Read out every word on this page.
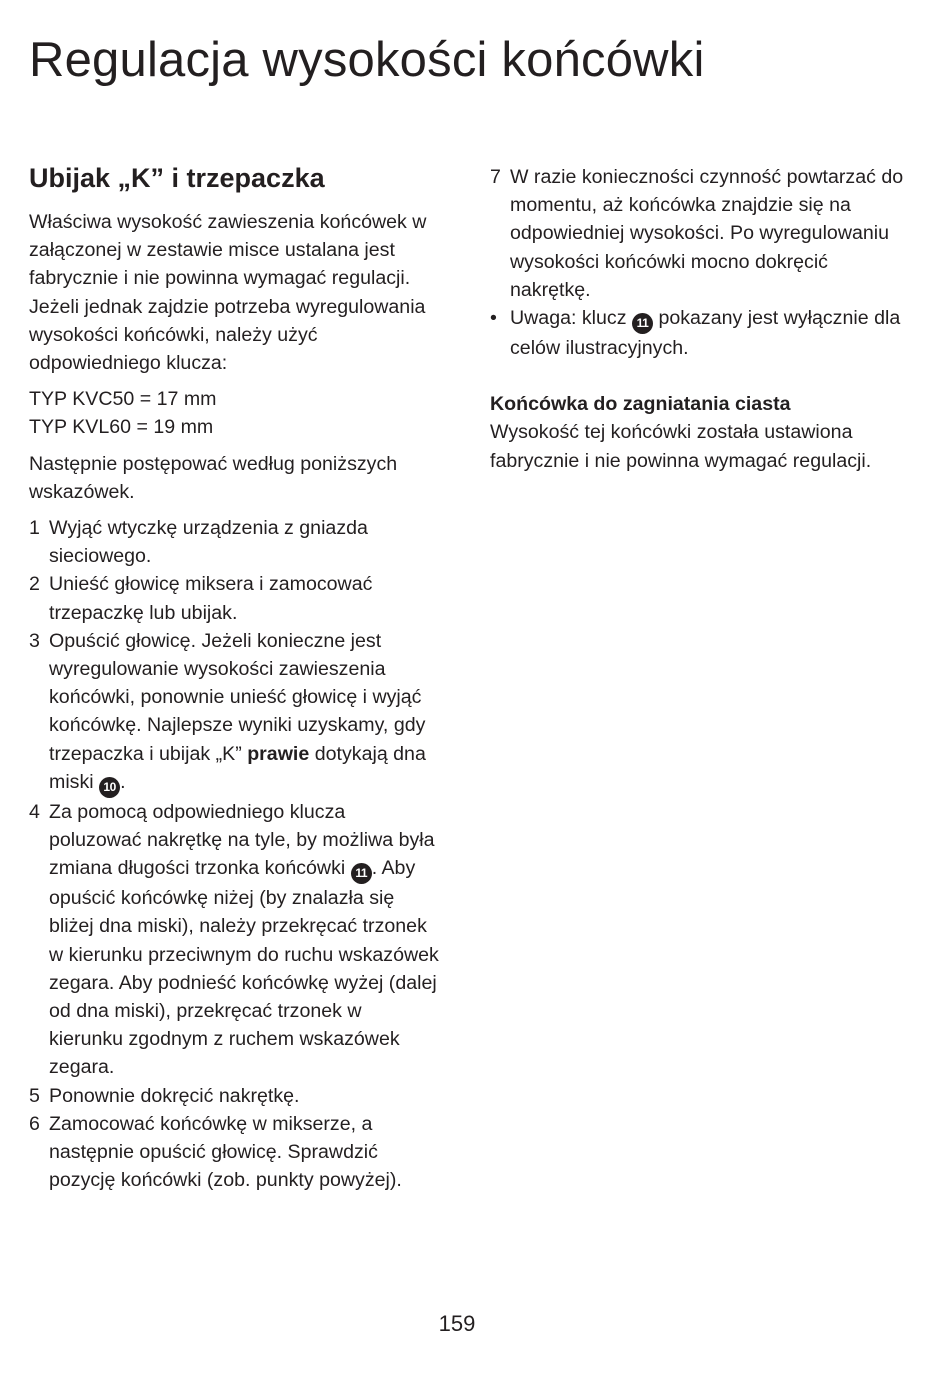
Regulacja wysokości końcówki
Ubijak „K” i trzepaczka

Właściwa wysokość zawieszenia końcówek w załączonej w zestawie misce ustalana jest fabrycznie i nie powinna wymagać regulacji.

Jeżeli jednak zajdzie potrzeba wyregulowania wysokości końcówki, należy użyć odpowiedniego klucza:

TYP KVC50 = 17 mm

TYP KVL60 = 19 mm

Następnie postępować według poniższych wskazówek.

1 Wyjąć wtyczkę urządzenia z gniazda sieciowego.
2 Unieść głowicę miksera i zamocować trzepaczkę lub ubijak.
3 Opuścić głowicę. Jeżeli konieczne jest wyregulowanie wysokości zawieszenia końcówki, ponownie unieść głowicę i wyjąć końcówkę. Najlepsze wyniki uzyskamy, gdy trzepaczka i ubijak „K” prawie dotykają dna miski 10 .
4 Za pomocą odpowiedniego klucza poluzować nakrętkę na tyle, by możliwa była zmiana długości trzonka końcówki 11 . Aby opuścić końcówkę niżej (by znalazła się bliżej dna miski), należy przekręcać trzonek w kierunku przeciwnym do ruchu wskazówek zegara. Aby podnieść końcówkę wyżej (dalej od dna miski), przekręcać trzonek w kierunku zgodnym z ruchem wskazówek zegara.
5 Ponownie dokręcić nakrętkę.
6 Zamocować końcówkę w mikserze, a następnie opuścić głowicę. Sprawdzić pozycję końcówki (zob. punkty powyżej).
7 W razie konieczności czynność powtarzać do momentu, aż końcówka znajdzie się na odpowiedniej wysokości. Po wyregulowaniu wysokości końcówki mocno dokręcić nakrętkę.
• Uwaga: klucz 11 pokazany jest wyłącznie dla celów ilustracyjnych.

Końcówka do zagniatania ciasta

Wysokość tej końcówki została ustawiona fabrycznie i nie powinna wymagać regulacji.

159
